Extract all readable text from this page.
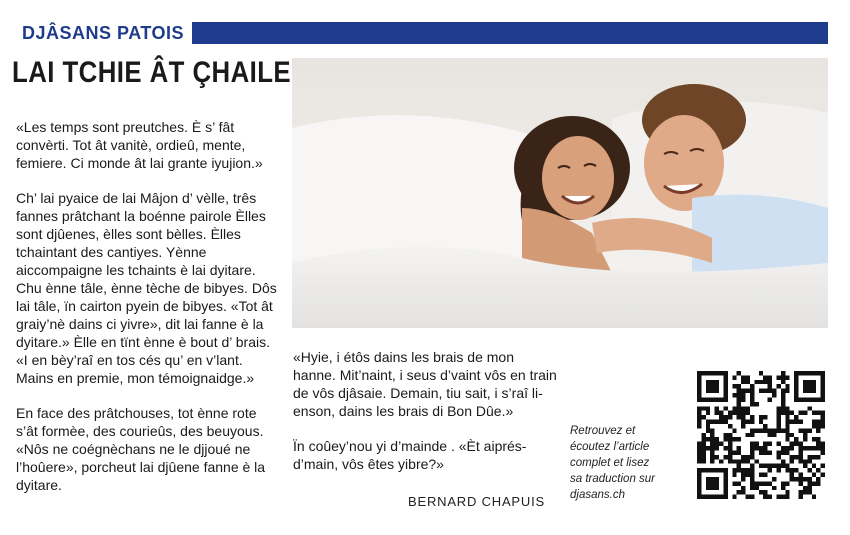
DJÂSANS PATOIS
LAI TCHIE ÂT ÇHAILE

«Les temps sont preutches. È s’ fât convèrti. Tot ât vanitè, ordieû, mente, femiere. Ci monde ât lai grante iyujion.»

Ch’ lai pyaice de lai Mâjon d’ vèlle, três fannes prâtchant la boénne pairole Èlles sont djûenes, èlles sont bèlles. Èlles tchaintant des cantiyes. Yènne aiccompaigne les tchaints è lai dyitare. Chu ènne tâle, ènne tèche de bibyes. Dôs lai tâle, ïn cairton pyein de bibyes. «Tot ât graiy’nè dains ci yivre», dit lai fanne è la dyitare.» Èlle en tïnt ènne è bout d’ brais. «I en bèy’raî en tos cés qu’ en v’lant. Mains en premie, mon témoignaidge.»

En face des prâtchouses, tot ènne rote s’ât formèe, des courieûs, des beuyous. «Nôs ne coégnèchans ne le djjoué ne l’hoûere», porcheut lai djûene fanne è la dyitare.

«Hyie, i étôs dains les brais de mon hanne. Mit’naint, i seus d’vaint vôs en train de vôs djâsaie. Demain, tiu sait, i s’raî li-enson, dains les brais di Bon Dûe.»

Ïn coûey’nou yi d’mainde . «Èt aiprés-d’main, vôs êtes yibre?»

BERNARD CHAPUIS
Retrouvez et
écoutez l’article
complet et lisez
sa traduction sur
djasans.ch
